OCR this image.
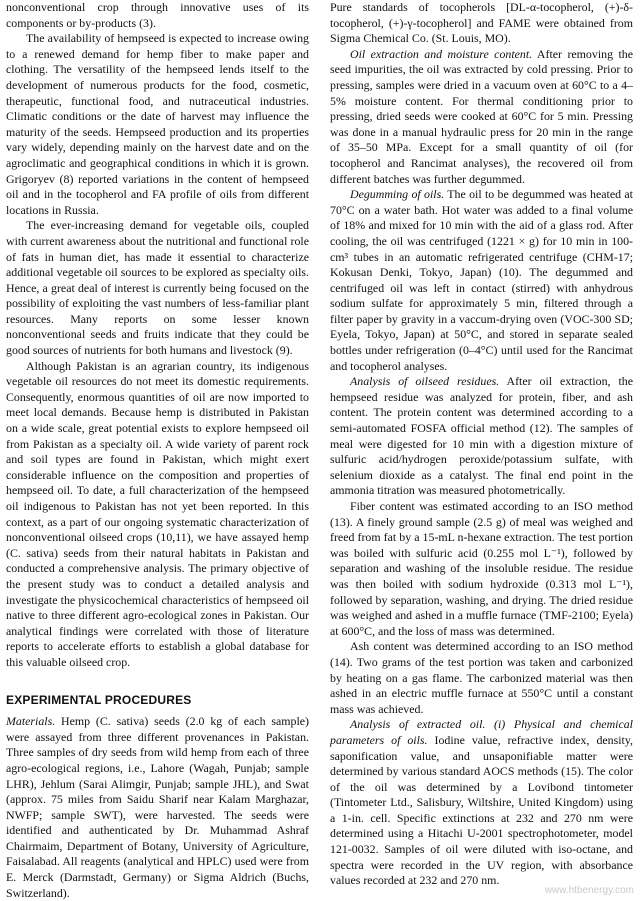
nonconventional crop through innovative uses of its components or by-products (3).

The availability of hempseed is expected to increase owing to a renewed demand for hemp fiber to make paper and clothing. The versatility of the hempseed lends itself to the development of numerous products for the food, cosmetic, therapeutic, functional food, and nutraceutical industries. Climatic conditions or the date of harvest may influence the maturity of the seeds. Hempseed production and its properties vary widely, depending mainly on the harvest date and on the agroclimatic and geographical conditions in which it is grown. Grigoryev (8) reported variations in the content of hempseed oil and in the tocopherol and FA profile of oils from different locations in Russia.

The ever-increasing demand for vegetable oils, coupled with current awareness about the nutritional and functional role of fats in human diet, has made it essential to characterize additional vegetable oil sources to be explored as specialty oils. Hence, a great deal of interest is currently being focused on the possibility of exploiting the vast numbers of less-familiar plant resources. Many reports on some lesser known nonconventional seeds and fruits indicate that they could be good sources of nutrients for both humans and livestock (9).

Although Pakistan is an agrarian country, its indigenous vegetable oil resources do not meet its domestic requirements. Consequently, enormous quantities of oil are now imported to meet local demands. Because hemp is distributed in Pakistan on a wide scale, great potential exists to explore hempseed oil from Pakistan as a specialty oil. A wide variety of parent rock and soil types are found in Pakistan, which might exert considerable influence on the composition and properties of hempseed oil. To date, a full characterization of the hempseed oil indigenous to Pakistan has not yet been reported. In this context, as a part of our ongoing systematic characterization of nonconventional oilseed crops (10,11), we have assayed hemp (C. sativa) seeds from their natural habitats in Pakistan and conducted a comprehensive analysis. The primary objective of the present study was to conduct a detailed analysis and investigate the physicochemical characteristics of hempseed oil native to three different agro-ecological zones in Pakistan. Our analytical findings were correlated with those of literature reports to accelerate efforts to establish a global database for this valuable oilseed crop.

EXPERIMENTAL PROCEDURES

Materials. Hemp (C. sativa) seeds (2.0 kg of each sample) were assayed from three different provenances in Pakistan. Three samples of dry seeds from wild hemp from each of three agro-ecological regions, i.e., Lahore (Wagah, Punjab; sample LHR), Jehlum (Sarai Alimgir, Punjab; sample JHL), and Swat (approx. 75 miles from Saidu Sharif near Kalam Marghazar, NWFP; sample SWT), were harvested. The seeds were identified and authenticated by Dr. Muhammad Ashraf Chairmaim, Department of Botany, University of Agriculture, Faisalabad. All reagents (analytical and HPLC) used were from E. Merck (Darmstadt, Germany) or Sigma Aldrich (Buchs, Switzerland).

Pure standards of tocopherols [DL-α-tocopherol, (+)-δ-tocopherol, (+)-γ-tocopherol] and FAME were obtained from Sigma Chemical Co. (St. Louis, MO).

Oil extraction and moisture content. After removing the seed impurities, the oil was extracted by cold pressing. Prior to pressing, samples were dried in a vacuum oven at 60°C to a 4–5% moisture content. For thermal conditioning prior to pressing, dried seeds were cooked at 60°C for 5 min. Pressing was done in a manual hydraulic press for 20 min in the range of 35–50 MPa. Except for a small quantity of oil (for tocopherol and Rancimat analyses), the recovered oil from different batches was further degummed.

Degumming of oils. The oil to be degummed was heated at 70°C on a water bath. Hot water was added to a final volume of 18% and mixed for 10 min with the aid of a glass rod. After cooling, the oil was centrifuged (1221 × g) for 10 min in 100-cm³ tubes in an automatic refrigerated centrifuge (CHM-17; Kokusan Denki, Tokyo, Japan) (10). The degummed and centrifuged oil was left in contact (stirred) with anhydrous sodium sulfate for approximately 5 min, filtered through a filter paper by gravity in a vaccum-drying oven (VOC-300 SD; Eyela, Tokyo, Japan) at 50°C, and stored in separate sealed bottles under refrigeration (0–4°C) until used for the Rancimat and tocopherol analyses.

Analysis of oilseed residues. After oil extraction, the hempseed residue was analyzed for protein, fiber, and ash content. The protein content was determined according to a semi-automated FOSFA official method (12). The samples of meal were digested for 10 min with a digestion mixture of sulfuric acid/hydrogen peroxide/potassium sulfate, with selenium dioxide as a catalyst. The final end point in the ammonia titration was measured photometrically.

Fiber content was estimated according to an ISO method (13). A finely ground sample (2.5 g) of meal was weighed and freed from fat by a 15-mL n-hexane extraction. The test portion was boiled with sulfuric acid (0.255 mol L⁻¹), followed by separation and washing of the insoluble residue. The residue was then boiled with sodium hydroxide (0.313 mol L⁻¹), followed by separation, washing, and drying. The dried residue was weighed and ashed in a muffle furnace (TMF-2100; Eyela) at 600°C, and the loss of mass was determined.

Ash content was determined according to an ISO method (14). Two grams of the test portion was taken and carbonized by heating on a gas flame. The carbonized material was then ashed in an electric muffle furnace at 550°C until a constant mass was achieved.

Analysis of extracted oil. (i) Physical and chemical parameters of oils. Iodine value, refractive index, density, saponification value, and unsaponifiable matter were determined by various standard AOCS methods (15). The color of the oil was determined by a Lovibond tintometer (Tintometer Ltd., Salisbury, Wiltshire, United Kingdom) using a 1-in. cell. Specific extinctions at 232 and 270 nm were determined using a Hitachi U-2001 spectrophotometer, model 121-0032. Samples of oil were diluted with iso-octane, and spectra were recorded in the UV region, with absorbance values recorded at 232 and 270 nm.

www.htbenergy.com
